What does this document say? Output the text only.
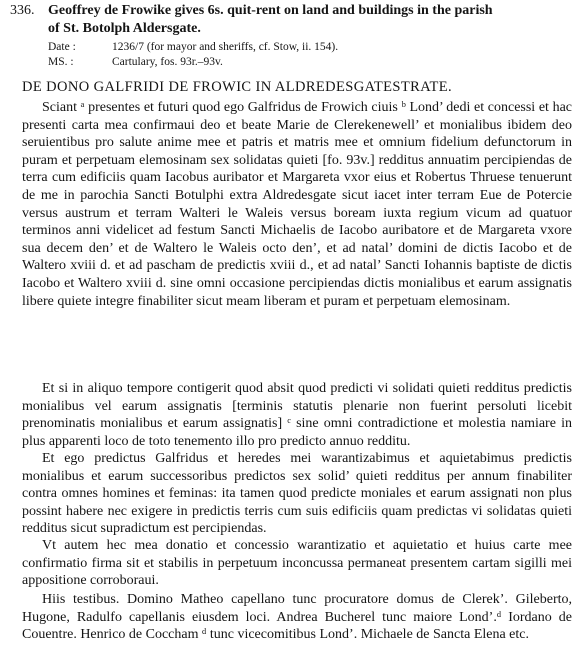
336. Geoffrey de Frowike gives 6s. quit-rent on land and buildings in the parish
of St. Botolph Aldersgate.
Date :	1236/7 (for mayor and sheriffs, cf. Stow, ii. 154).
MS. :	Cartulary, fos. 93r.–93v.
DE DONO GALFRIDI DE FROWIC IN ALDREDESGATESTRATE.

Sciant ᵃ presentes et futuri quod ego Galfridus de Frowich ciuis ᵇ Lond’ dedi et concessi et hac presenti carta mea confirmaui deo et beate Marie de Clerekenewell’ et monialibus ibidem deo seruientibus pro salute anime mee et patris et matris mee et omnium fidelium defunctorum in puram et perpetuam elemosinam sex solidatas quieti [fo. 93v.] redditus annuatim percipiendas de terra cum edificiis quam Iacobus auribator et Margareta vxor eius et Robertus Thruese tenuerunt de me in parochia Sancti Botulphi extra Aldredesgate sicut iacet inter terram Eue de Potercie versus austrum et terram Walteri le Waleis versus boream iuxta regium vicum ad quatuor terminos anni videlicet ad festum Sancti Michaelis de Iacobo auribatore et de Margareta vxore sua decem den’ et de Waltero le Waleis octo den’, et ad natal’ domini de dictis Iacobo et de Waltero xviii d. et ad pascham de predictis xviii d., et ad natal’ Sancti Iohannis baptiste de dictis Iacobo et Waltero xviii d. sine omni occasione percipiendas dictis monialibus et earum assignatis libere quiete integre finabiliter sicut meam liberam et puram et perpetuam elemosinam.

Et si in aliquo tempore contigerit quod absit quod predicti vi solidati quieti redditus predictis monialibus vel earum assignatis [terminis statutis plenarie non fuerint persoluti licebit prenominatis monialibus et earum assignatis] ᶜ sine omni contradictione et molestia namiare in plus apparenti loco de toto tenemento illo pro predicto annuo redditu.

Et ego predictus Galfridus et heredes mei warantizabimus et aquietabimus predictis monialibus et earum successoribus predictos sex solid’ quieti redditus per annum finabiliter contra omnes homines et feminas: ita tamen quod predicte moniales et earum assignati non plus possint habere nec exigere in predictis terris cum suis edificiis quam predictas vi solidatas quieti redditus sicut supradictum est percipiendas.

Vt autem hec mea donatio et concessio warantizatio et aquietatio et huius carte mee confirmatio firma sit et stabilis in perpetuum inconcussa permaneat presentem cartam sigilli mei appositione corroboraui.

Hiis testibus. Domino Matheo capellano tunc procuratore domus de Clerek’. Gileberto, Hugone, Radulfo capellanis eiusdem loci. Andrea Bucherel tunc maiore Lond’.ᵈ Iordano de Couentre. Henrico de Coccham ᵈ tunc vicecomitibus Lond’. Michaele de Sancta Elena etc.
